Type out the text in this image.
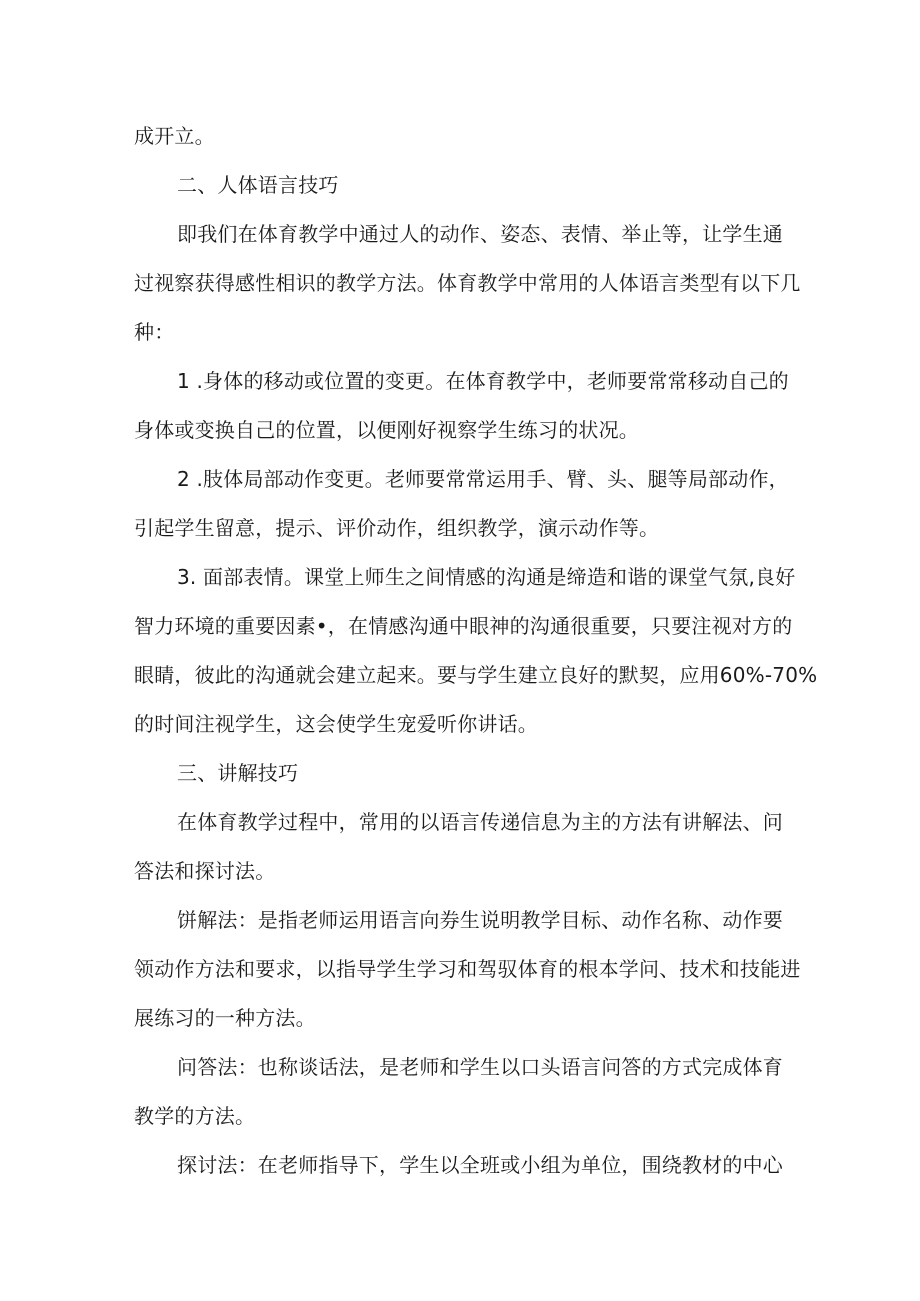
成开立。
二、人体语言技巧
即我们在体育教学中通过人的动作、姿态、表情、举止等，让学生通
过视察获得感性相识的教学方法。体育教学中常用的人体语言类型有以下几
种：
1 .身体的移动或位置的变更。在体育教学中，老师要常常移动自己的
身体或变换自己的位置，以便刚好视察学生练习的状况。
2 .肢体局部动作变更。老师要常常运用手、臂、头、腿等局部动作，
引起学生留意，提示、评价动作，组织教学，演示动作等。
3. 面部表情。课堂上师生之间情感的沟通是缔造和谐的课堂气氛,良好
智力环境的重要因素•，在情感沟通中眼神的沟通很重要，只要注视对方的
眼睛，彼此的沟通就会建立起来。要与学生建立良好的默契，应用60%-70%
的时间注视学生，这会使学生宠爱听你讲话。
三、讲解技巧
在体育教学过程中，常用的以语言传递信息为主的方法有讲解法、问
答法和探讨法。
饼解法：是指老师运用语言向券生说明教学目标、动作名称、动作要
领动作方法和要求，以指导学生学习和驾驭体育的根本学问、技术和技能进
展练习的一种方法。
问答法：也称谈话法，是老师和学生以口头语言问答的方式完成体育
教学的方法。
探讨法：在老师指导下，学生以全班或小组为单位，围绕教材的中心
